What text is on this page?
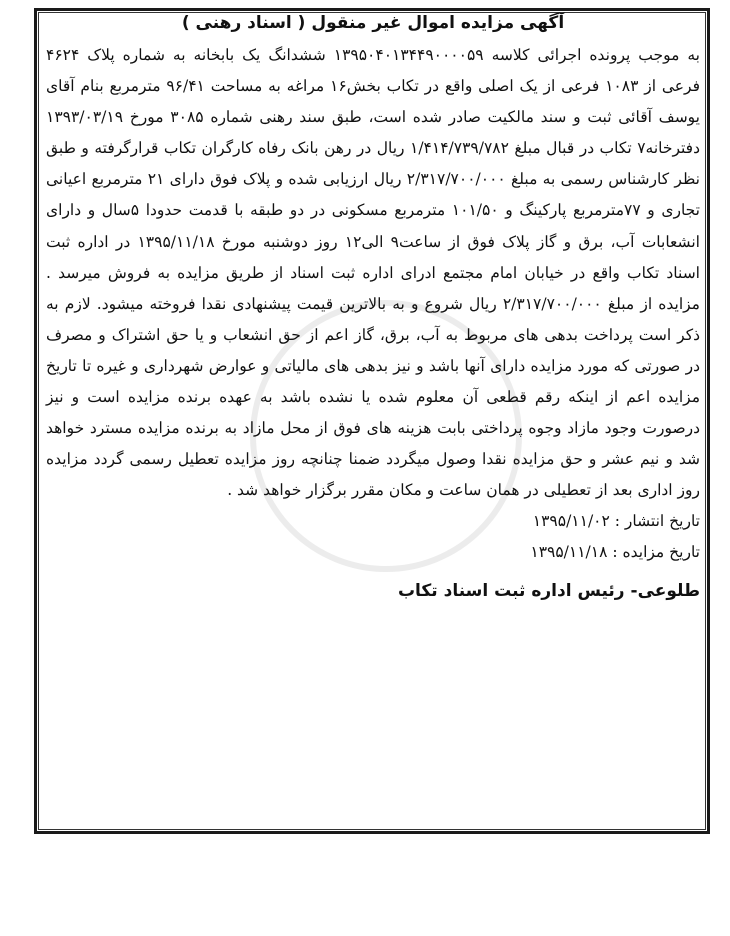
آگهی مزایده اموال غیر منقول ( اسناد رهنی )

به موجب پرونده اجرائی کلاسه ۱۳۹۵۰۴۰۱۳۴۴۹۰۰۰۰۵۹ ششدانگ یک بابخانه به شماره پلاک ۴۶۲۴ فرعی از ۱۰۸۳ فرعی از یک اصلی واقع در تکاب بخش۱۶ مراغه به مساحت ۹۶/۴۱ مترمربع بنام آقای یوسف آقائی ثبت و سند مالکیت صادر شده است، طبق سند رهنی شماره ۳۰۸۵ مورخ ۱۳۹۳/۰۳/۱۹ دفترخانه۷ تکاب در قبال مبلغ ۱/۴۱۴/۷۳۹/۷۸۲ ریال در رهن بانک رفاه کارگران تکاب قرارگرفته و طبق نظر کارشناس رسمی به مبلغ ۲/۳۱۷/۷۰۰/۰۰۰ ریال ارزیابی شده و پلاک فوق دارای ۲۱ مترمربع اعیانی تجاری و ۷۷مترمربع پارکینگ و ۱۰۱/۵۰ مترمربع مسکونی در دو طبقه با قدمت حدودا ۵سال و دارای انشعابات آب، برق و گاز پلاک فوق از ساعت۹ الی۱۲ روز دوشنبه مورخ ۱۳۹۵/۱۱/۱۸ در اداره ثبت اسناد تکاب واقع در خیابان امام مجتمع ادرای اداره ثبت اسناد از طریق مزایده به فروش میرسد . مزایده از مبلغ ۲/۳۱۷/۷۰۰/۰۰۰ ریال شروع و به بالاترین قیمت پیشنهادی نقدا فروخته میشود. لازم به ذکر است پرداخت بدهی های مربوط به آب، برق، گاز اعم از حق انشعاب و یا حق اشتراک و مصرف در صورتی که مورد مزایده دارای آنها باشد و نیز بدهی های مالیاتی و عوارض شهرداری و غیره تا تاریخ مزایده اعم از اینکه رقم قطعی آن معلوم شده یا نشده باشد به عهده برنده مزایده است و نیز درصورت وجود مازاد وجوه پرداختی بابت هزینه های فوق از محل مازاد به برنده مزایده مسترد خواهد شد و نیم عشر و حق مزایده نقدا وصول میگردد ضمنا چنانچه روز مزایده تعطیل رسمی گردد مزایده روز اداری بعد از تعطیلی در همان ساعت و مکان مقرر برگزار خواهد شد .

تاریخ انتشار : ۱۳۹۵/۱۱/۰۲
تاریخ مزایده : ۱۳۹۵/۱۱/۱۸
طلوعی- رئیس اداره ثبت اسناد تکاب
